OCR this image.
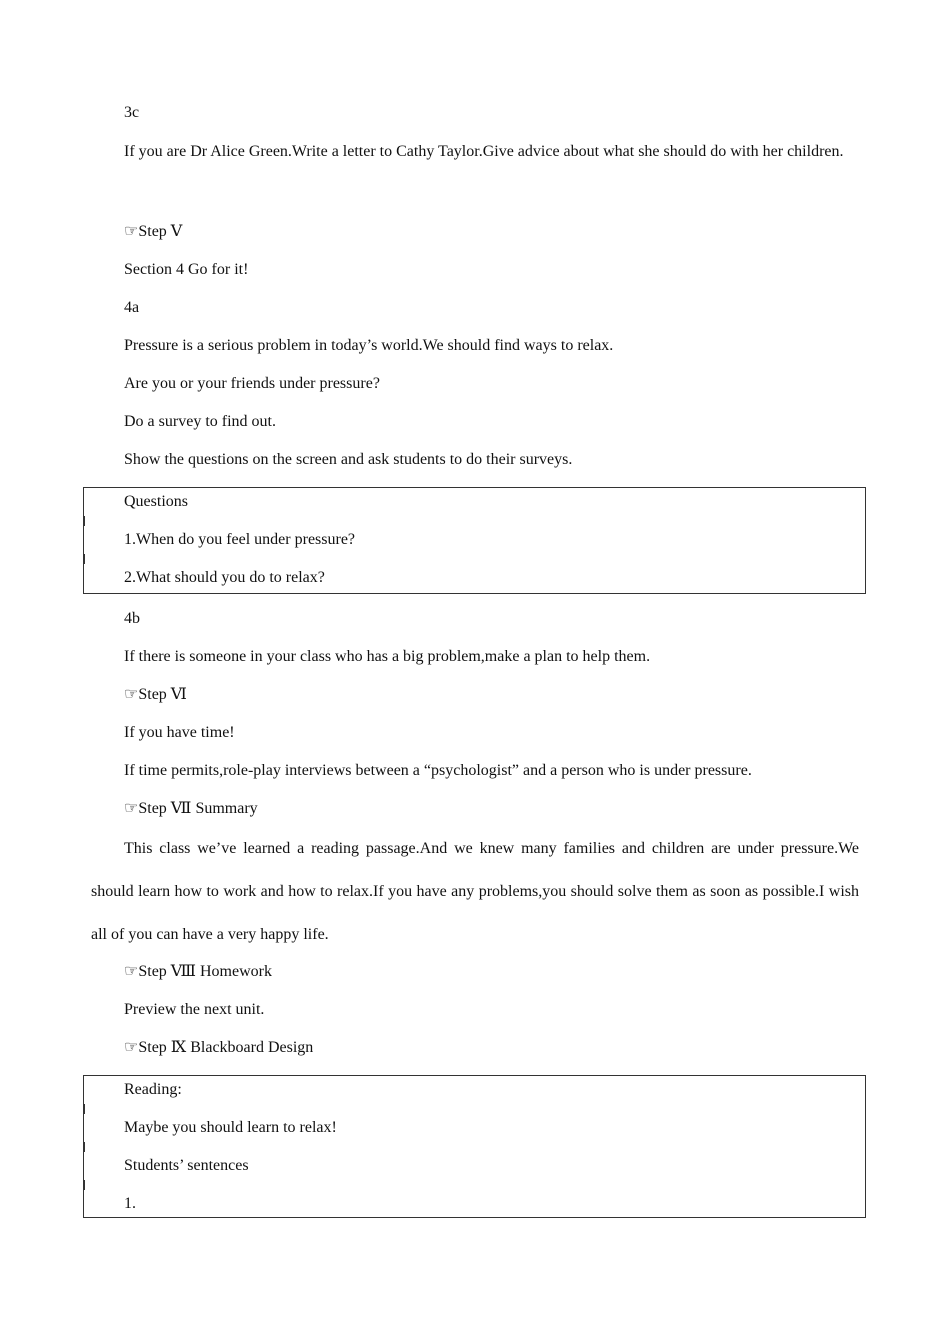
3c
If you are Dr Alice Green.Write a letter to Cathy Taylor.Give advice about what she should do with her children.
☞Step Ⅴ
Section 4 Go for it!
4a
Pressure is a serious problem in today’s world.We should find ways to relax.
Are you or your friends under pressure?
Do a survey to find out.
Show the questions on the screen and ask students to do their surveys.
Questions
1.When do you feel under pressure?
2.What should you do to relax?
4b
If there is someone in your class who has a big problem,make a plan to help them.
☞Step Ⅵ
If you have time!
If time permits,role-play interviews between a “psychologist” and a person who is under pressure.
☞Step Ⅶ Summary
This class we’ve learned a reading passage.And we knew many families and children are under pressure.We should learn how to work and how to relax.If you have any problems,you should solve them as soon as possible.I wish all of you can have a very happy life.
☞Step Ⅷ Homework
Preview the next unit.
☞Step Ⅸ Blackboard Design
Reading:
Maybe you should learn to relax!
Students’ sentences
1.
